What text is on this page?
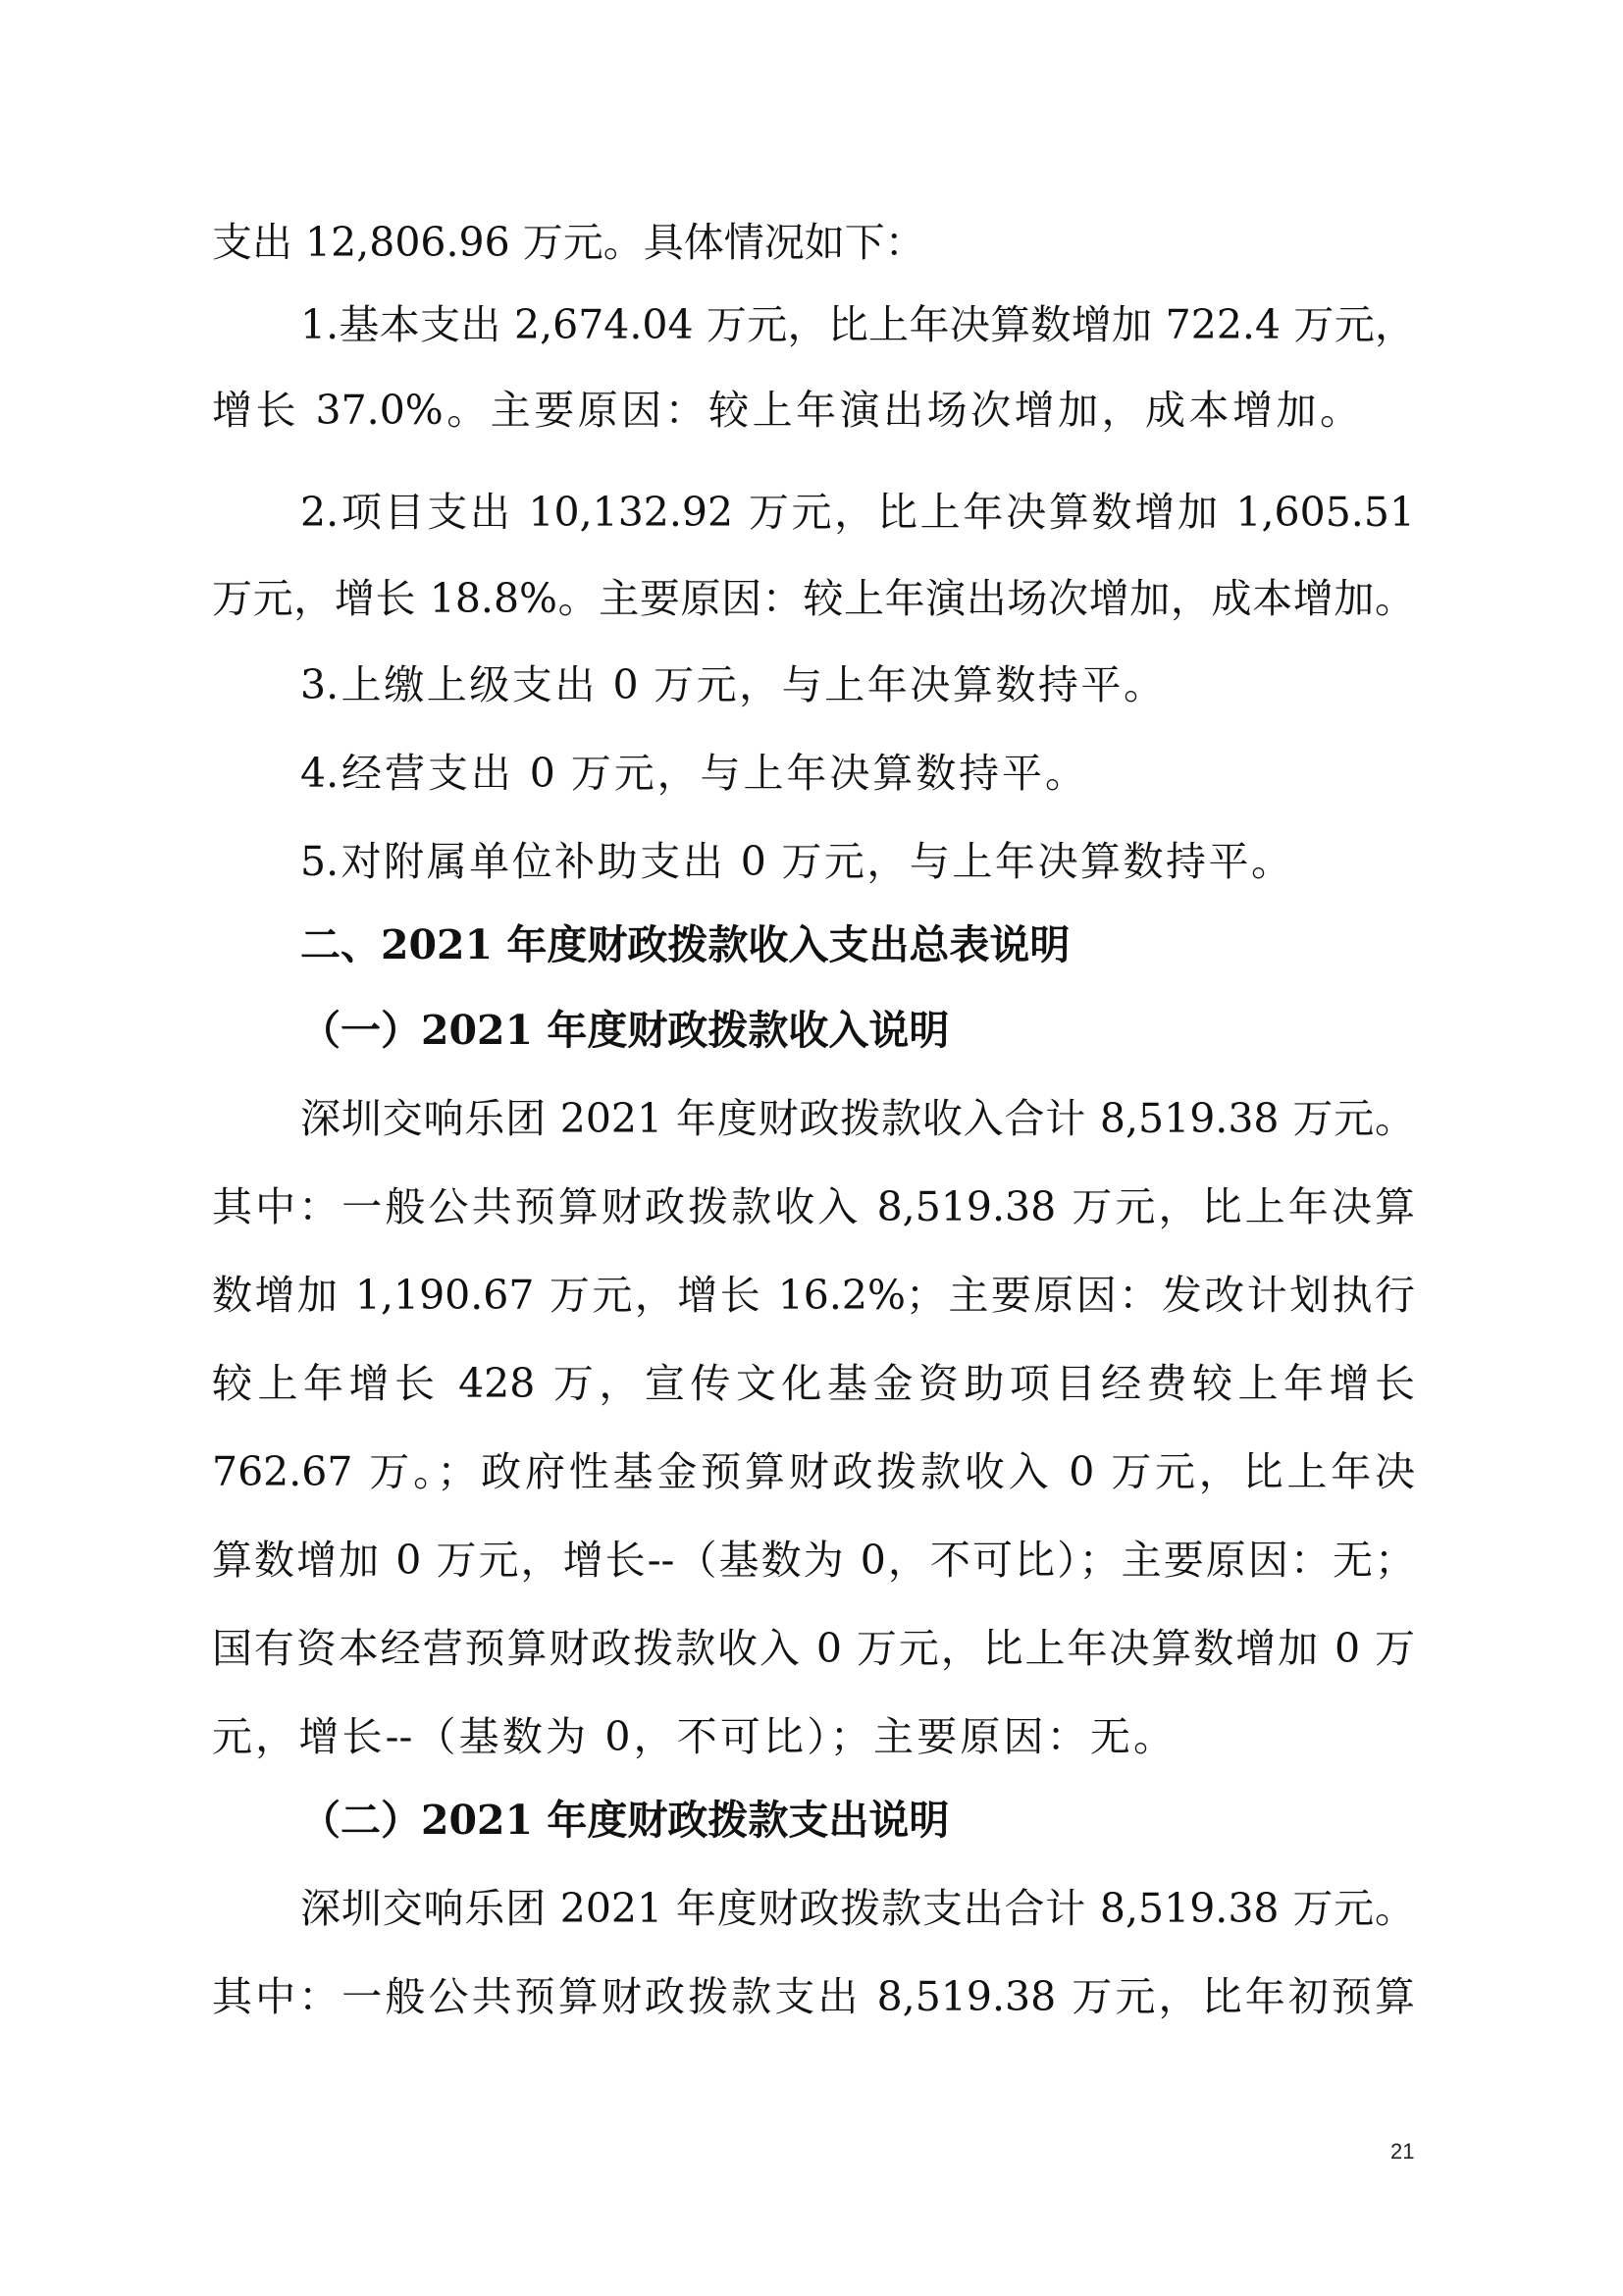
支出 12,806.96 万元。具体情况如下：
1.基本支出 2,674.04 万元，比上年决算数增加 722.4 万元，
增长 37.0%。主要原因：较上年演出场次增加，成本增加。
2.项目支出 10,132.92 万元，比上年决算数增加 1,605.51
万元，增长 18.8%。主要原因：较上年演出场次增加，成本增加。
3.上缴上级支出 0 万元，与上年决算数持平。
4.经营支出 0 万元，与上年决算数持平。
5.对附属单位补助支出 0 万元，与上年决算数持平。
二、2021 年度财政拨款收入支出总表说明
（一）2021 年度财政拨款收入说明
深圳交响乐团 2021 年度财政拨款收入合计 8,519.38 万元。
其中：一般公共预算财政拨款收入 8,519.38 万元，比上年决算
数增加 1,190.67 万元，增长 16.2%；主要原因：发改计划执行
较上年增长 428 万，宣传文化基金资助项目经费较上年增长
762.67 万。；政府性基金预算财政拨款收入 0 万元，比上年决
算数增加 0 万元，增长--（基数为 0，不可比）；主要原因：无；
国有资本经营预算财政拨款收入 0 万元，比上年决算数增加 0 万
元，增长--（基数为 0，不可比）；主要原因：无。
（二）2021 年度财政拨款支出说明
深圳交响乐团 2021 年度财政拨款支出合计 8,519.38 万元。
其中：一般公共预算财政拨款支出 8,519.38 万元，比年初预算
21
